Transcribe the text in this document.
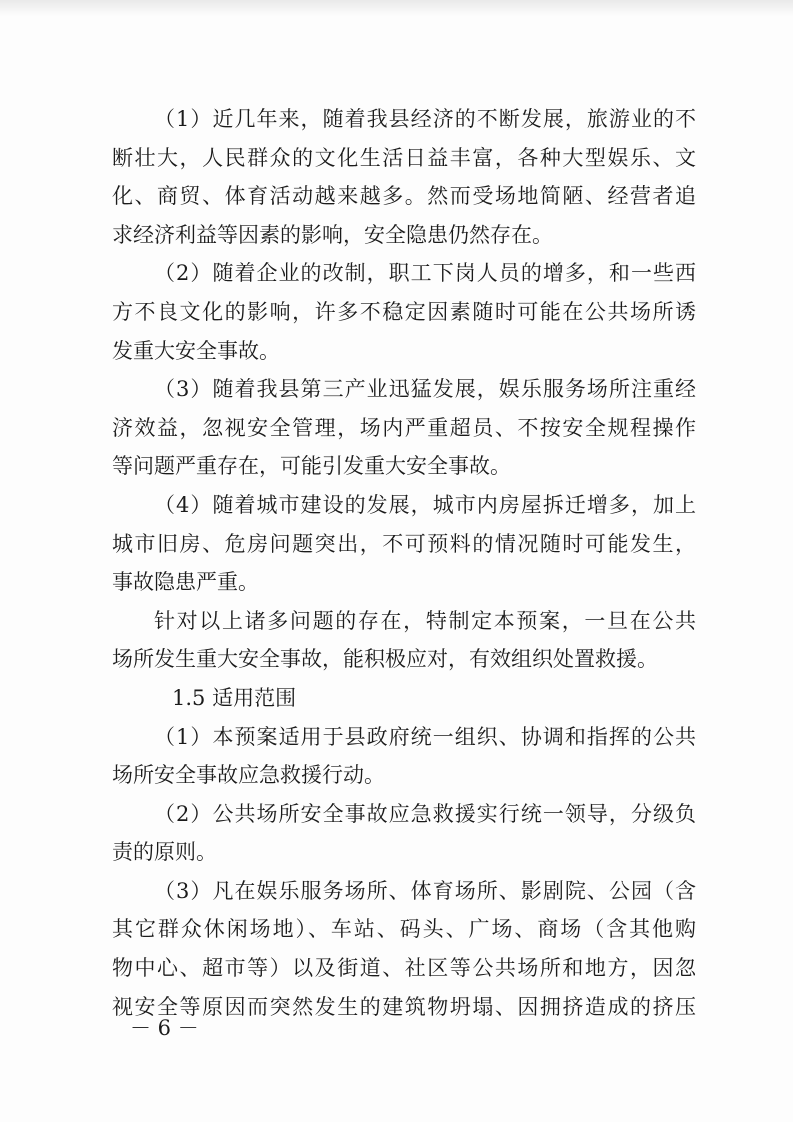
（1）近几年来，随着我县经济的不断发展，旅游业的不
断壮大，人民群众的文化生活日益丰富，各种大型娱乐、文
化、商贸、体育活动越来越多。然而受场地简陋、经营者追
求经济利益等因素的影响，安全隐患仍然存在。
（2）随着企业的改制，职工下岗人员的增多，和一些西
方不良文化的影响，许多不稳定因素随时可能在公共场所诱
发重大安全事故。
（3）随着我县第三产业迅猛发展，娱乐服务场所注重经
济效益，忽视安全管理，场内严重超员、不按安全规程操作
等问题严重存在，可能引发重大安全事故。
（4）随着城市建设的发展，城市内房屋拆迁增多，加上
城市旧房、危房问题突出，不可预料的情况随时可能发生，
事故隐患严重。
针对以上诸多问题的存在，特制定本预案，一旦在公共
场所发生重大安全事故，能积极应对，有效组织处置救援。
1.5 适用范围
（1）本预案适用于县政府统一组织、协调和指挥的公共
场所安全事故应急救援行动。
（2）公共场所安全事故应急救援实行统一领导，分级负
责的原则。
（3）凡在娱乐服务场所、体育场所、影剧院、公园（含
其它群众休闲场地）、车站、码头、广场、商场（含其他购
物中心、超市等）以及街道、社区等公共场所和地方，因忽
视安全等原因而突然发生的建筑物坍塌、因拥挤造成的挤压
－ 6 －
